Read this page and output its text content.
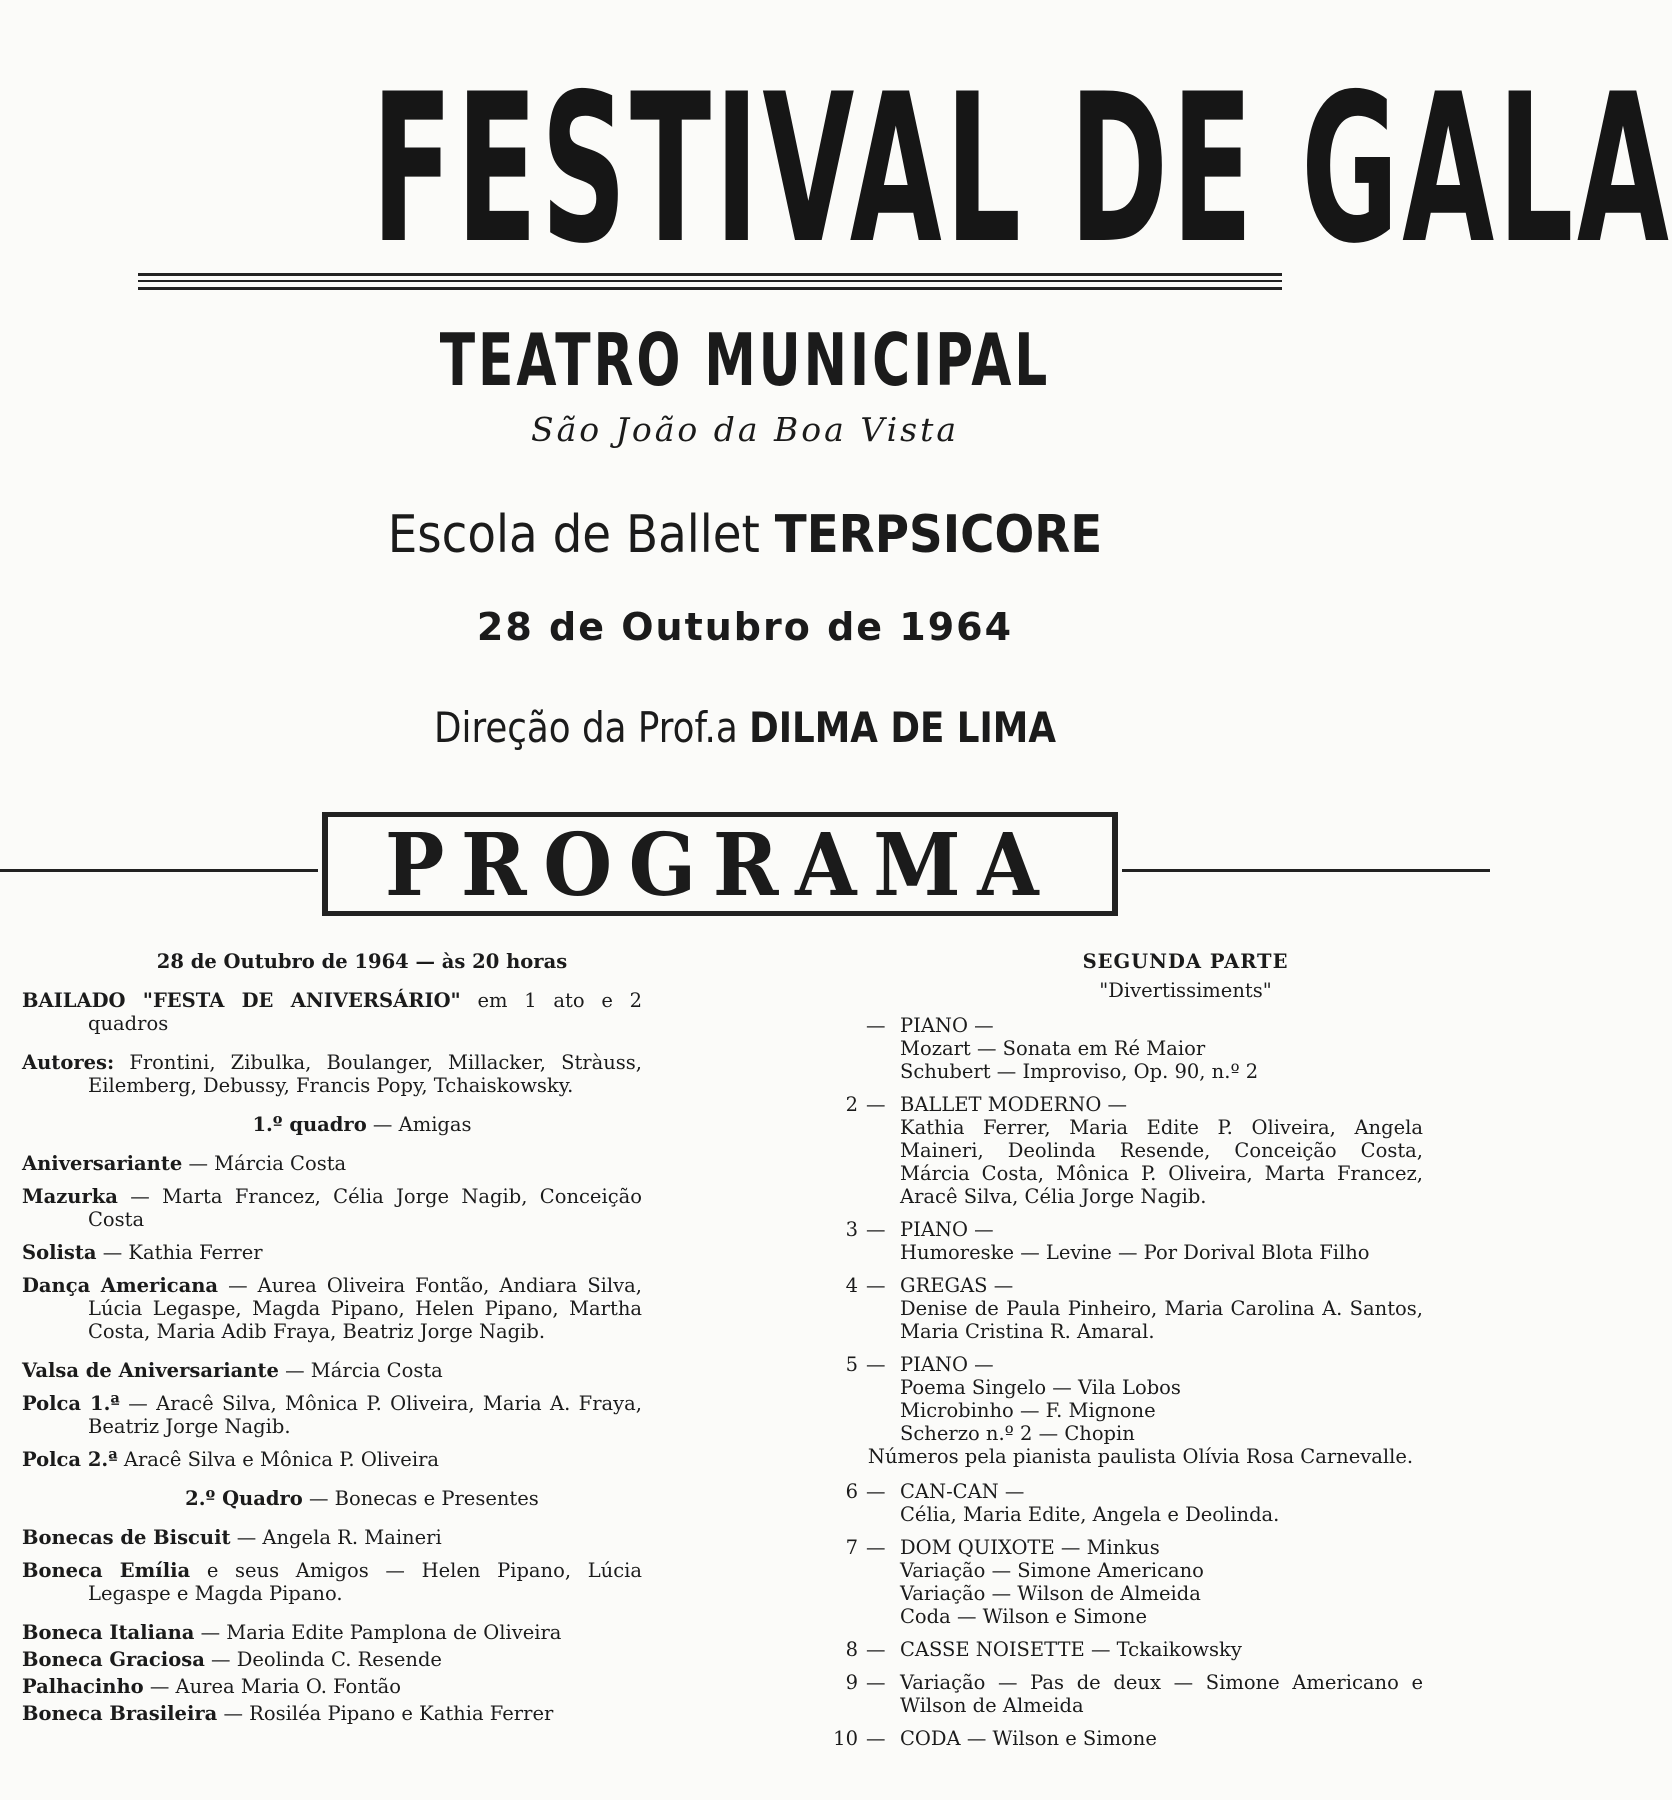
FESTIVAL DE GALA
TEATRO MUNICIPAL
São João da Boa Vista
Escola de Ballet TERPSICORE
28 de Outubro de 1964
Direção da Prof.a DILMA DE LIMA
PROGRAMA
28 de Outubro de 1964 — às 20 horas
BAILADO "FESTA DE ANIVERSÁRIO" em 1 ato e 2 quadros
Autores: Frontini, Zibulka, Boulanger, Millacker, Stràuss, Eilemberg, Debussy, Francis Popy, Tchaiskowsky.
1.º quadro — Amigas
Aniversariante — Márcia Costa
Mazurka — Marta Francez, Célia Jorge Nagib, Conceição Costa
Solista — Kathia Ferrer
Dança Americana — Aurea Oliveira Fontão, Andiara Silva, Lúcia Legaspe, Magda Pipano, Helen Pipano, Martha Costa, Maria Adib Fraya, Beatriz Jorge Nagib.
Valsa de Aniversariante — Márcia Costa
Polca 1.ª — Aracê Silva, Mônica P. Oliveira, Maria A. Fraya, Beatriz Jorge Nagib.
Polca 2.ª Aracê Silva e Mônica P. Oliveira
2.º Quadro — Bonecas e Presentes
Bonecas de Biscuit — Angela R. Maineri
Boneca Emília e seus Amigos — Helen Pipano, Lúcia Legaspe e Magda Pipano.
Boneca Italiana — Maria Edite Pamplona de Oliveira
Boneca Graciosa — Deolinda C. Resende
Palhacinho — Aurea Maria O. Fontão
Boneca Brasileira — Rosiléa Pipano e Kathia Ferrer
SEGUNDA PARTE
"Divertissiments"
— PIANO —
Mozart — Sonata em Ré Maior
Schubert — Improviso, Op. 90, n.º 2
2 — BALLET MODERNO —
Kathia Ferrer, Maria Edite P. Oliveira, Angela Maineri, Deolinda Resende, Conceição Costa, Márcia Costa, Mônica P. Oliveira, Marta Francez, Aracê Silva, Célia Jorge Nagib.
3 — PIANO —
Humoreske — Levine — Por Dorival Blota Filho
4 — GREGAS —
Denise de Paula Pinheiro, Maria Carolina A. Santos, Maria Cristina R. Amaral.
5 — PIANO —
Poema Singelo — Vila Lobos
Microbinho — F. Mignone
Scherzo n.º 2 — Chopin
Números pela pianista paulista Olívia Rosa Carnevalle.
6 — CAN-CAN —
Célia, Maria Edite, Angela e Deolinda.
7 — DOM QUIXOTE — Minkus
Variação — Simone Americano
Variação — Wilson de Almeida
Coda — Wilson e Simone
8 — CASSE NOISETTE — Tckaikowsky
9 — Variação — Pas de deux — Simone Americano e Wilson de Almeida
10 — CODA — Wilson e Simone
